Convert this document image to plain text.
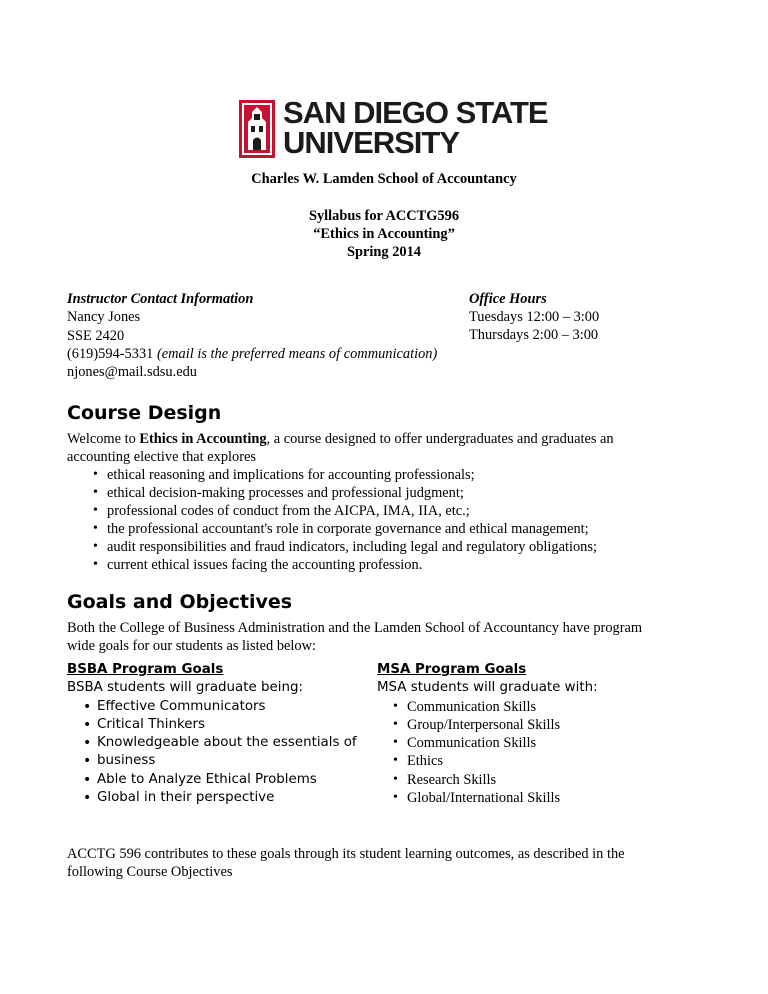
SAN DIEGO STATE
UNIVERSITY
Charles W. Lamden School of Accountancy
Syllabus for ACCTG596
“Ethics in Accounting”
Spring 2014
Instructor Contact Information
Nancy Jones
SSE 2420
(619)594-5331 (email is the preferred means of communication)
njones@mail.sdsu.edu
Office Hours
Tuesdays 12:00 – 3:00
Thursdays 2:00 – 3:00
Course Design
Welcome to Ethics in Accounting, a course designed to offer undergraduates and graduates an
accounting elective that explores
• ethical reasoning and implications for accounting professionals;
• ethical decision-making processes and professional judgment;
• professional codes of conduct from the AICPA, IMA, IIA, etc.;
• the professional accountant's role in corporate governance and ethical management;
• audit responsibilities and fraud indicators, including legal and regulatory obligations;
• current ethical issues facing the accounting profession.
Goals and Objectives
Both the College of Business Administration and the Lamden School of Accountancy have program
wide goals for our students as listed below:
BSBA Program Goals
BSBA students will graduate being:
• Effective Communicators
• Critical Thinkers
• Knowledgeable about the essentials of
• business
• Able to Analyze Ethical Problems
• Global in their perspective
MSA Program Goals
MSA students will graduate with:
• Communication Skills
• Group/Interpersonal Skills
• Communication Skills
• Ethics
• Research Skills
• Global/International Skills
ACCTG 596 contributes to these goals through its student learning outcomes, as described in the
following Course Objectives
